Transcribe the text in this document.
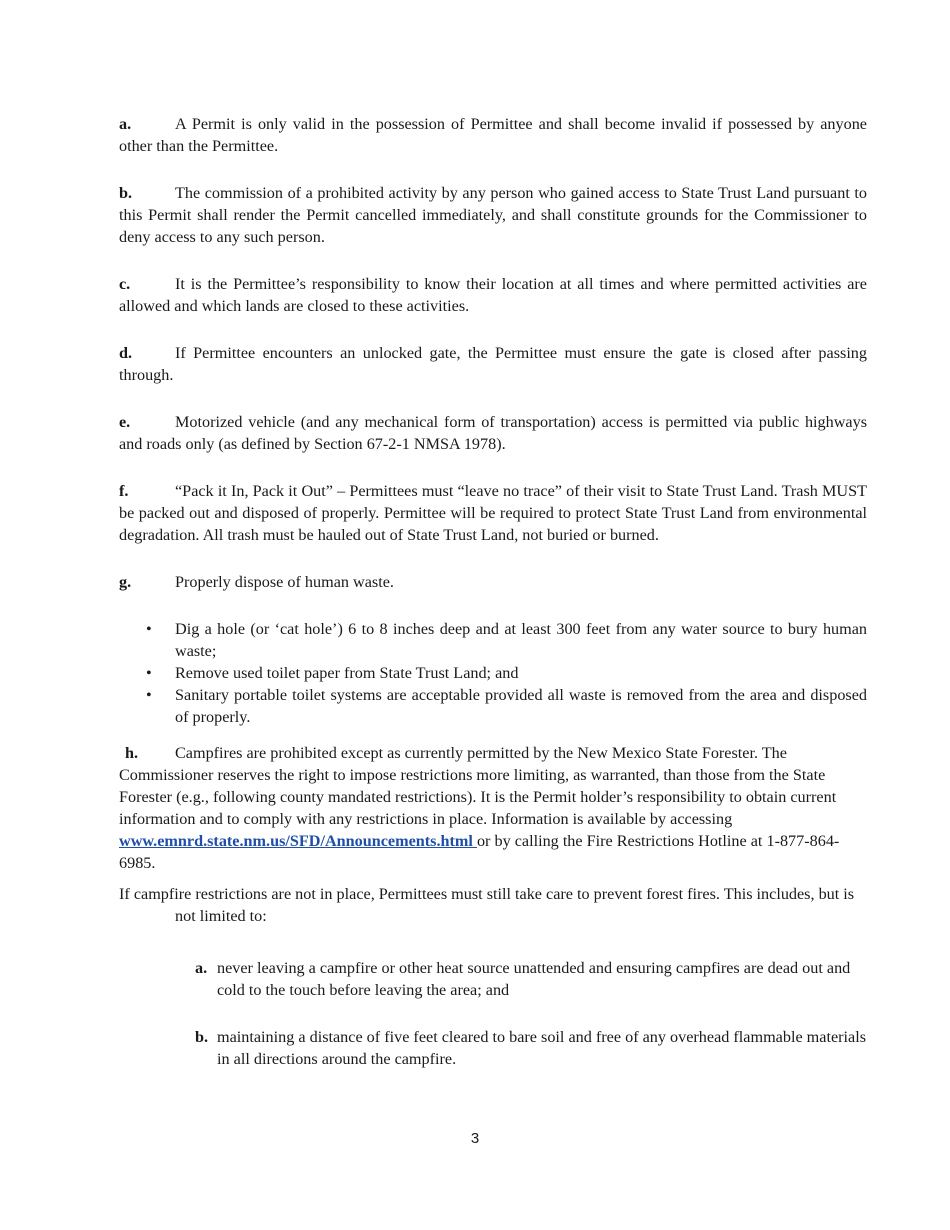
a.	A Permit is only valid in the possession of Permittee and shall become invalid if possessed by anyone other than the Permittee.

b.	The commission of a prohibited activity by any person who gained access to State Trust Land pursuant to this Permit shall render the Permit cancelled immediately, and shall constitute grounds for the Commissioner to deny access to any such person.

c.	It is the Permittee’s responsibility to know their location at all times and where permitted activities are allowed and which lands are closed to these activities.

d.	If Permittee encounters an unlocked gate, the Permittee must ensure the gate is closed after passing through.

e.	Motorized vehicle (and any mechanical form of transportation) access is permitted via public highways and roads only (as defined by Section 67-2-1 NMSA 1978).

f.	“Pack it In, Pack it Out” – Permittees must “leave no trace” of their visit to State Trust Land. Trash MUST be packed out and disposed of properly. Permittee will be required to protect State Trust Land from environmental degradation. All trash must be hauled out of State Trust Land, not buried or burned.

g.	Properly dispose of human waste.

• Dig a hole (or ‘cat hole’) 6 to 8 inches deep and at least 300 feet from any water source to bury human waste;
• Remove used toilet paper from State Trust Land; and
• Sanitary portable toilet systems are acceptable provided all waste is removed from the area and disposed of properly.

h. Campfires are prohibited except as currently permitted by the New Mexico State Forester. The Commissioner reserves the right to impose restrictions more limiting, as warranted, than those from the State Forester (e.g., following county mandated restrictions). It is the Permit holder’s responsibility to obtain current information and to comply with any restrictions in place. Information is available by accessing www.emnrd.state.nm.us/SFD/Announcements.html or by calling the Fire Restrictions Hotline at 1-877-864-6985.

If campfire restrictions are not in place, Permittees must still take care to prevent forest fires. This includes, but is not limited to:

a. never leaving a campfire or other heat source unattended and ensuring campfires are dead out and cold to the touch before leaving the area; and

b. maintaining a distance of five feet cleared to bare soil and free of any overhead flammable materials in all directions around the campfire.

3
